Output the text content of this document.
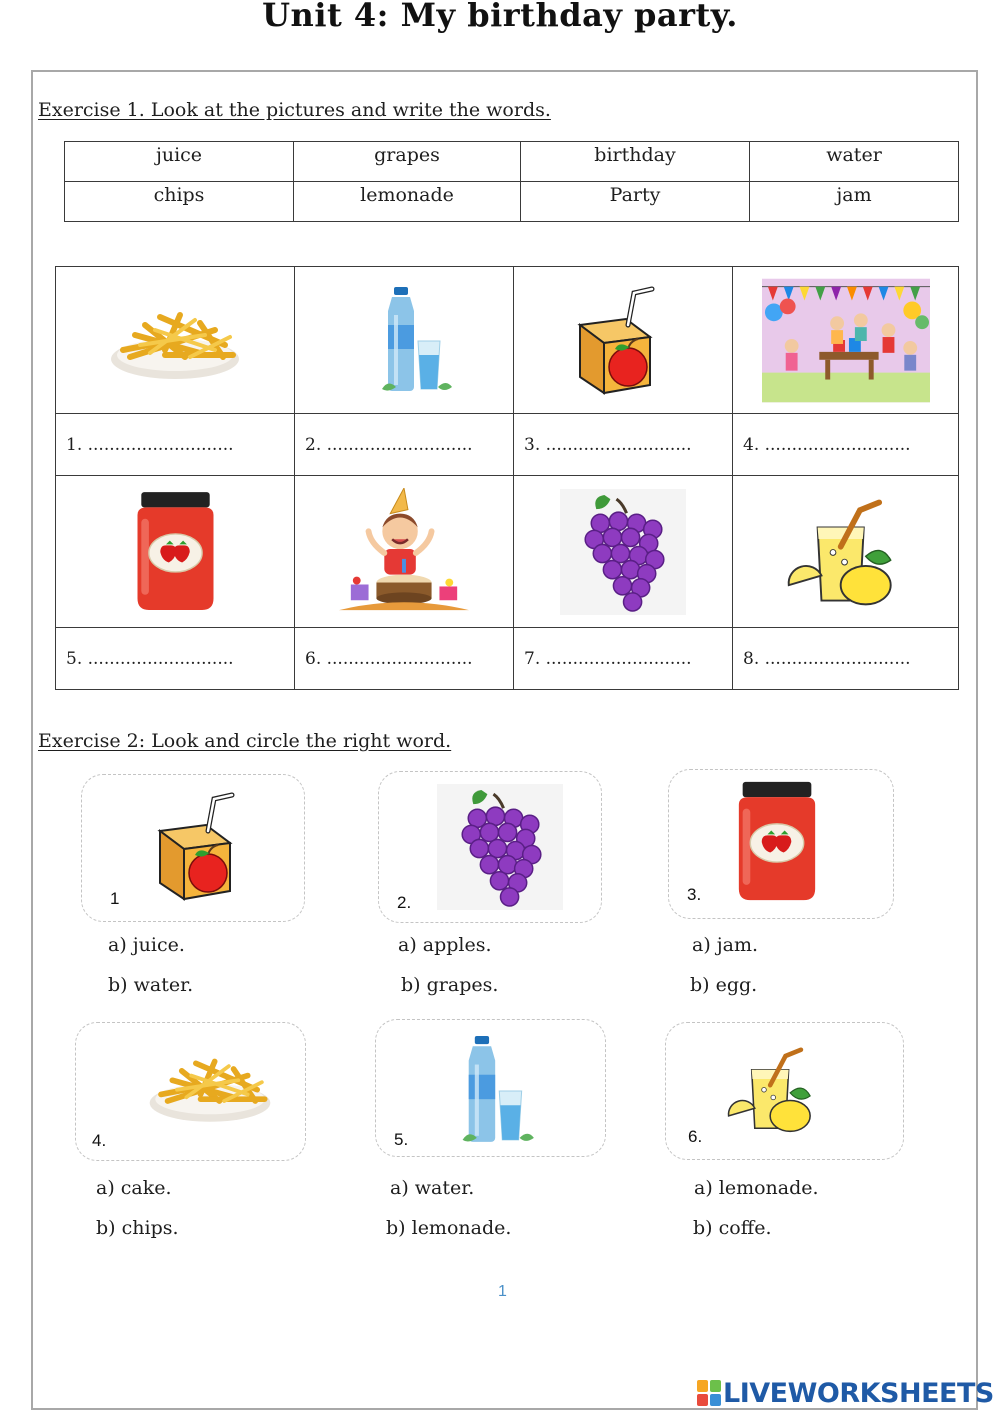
Unit 4: My birthday party.
Exercise 1. Look at the pictures and write the words.
juice	grapes	birthday	water
chips	lemonade	Party	jam

1. ...........................	2. ...........................	3. ...........................	4. ...........................

5. ...........................	6. ...........................	7. ...........................	8. ...........................
Exercise 2: Look and circle the right word.
1
a) juice.
b) water.
2.
a) apples.
b) grapes.
3.
a) jam.
b) egg.
4.
a) cake.
b) chips.
5.
a) water.
b) lemonade.
6.
a) lemonade.
b) coffe.
1
LIVEWORKSHEETS
